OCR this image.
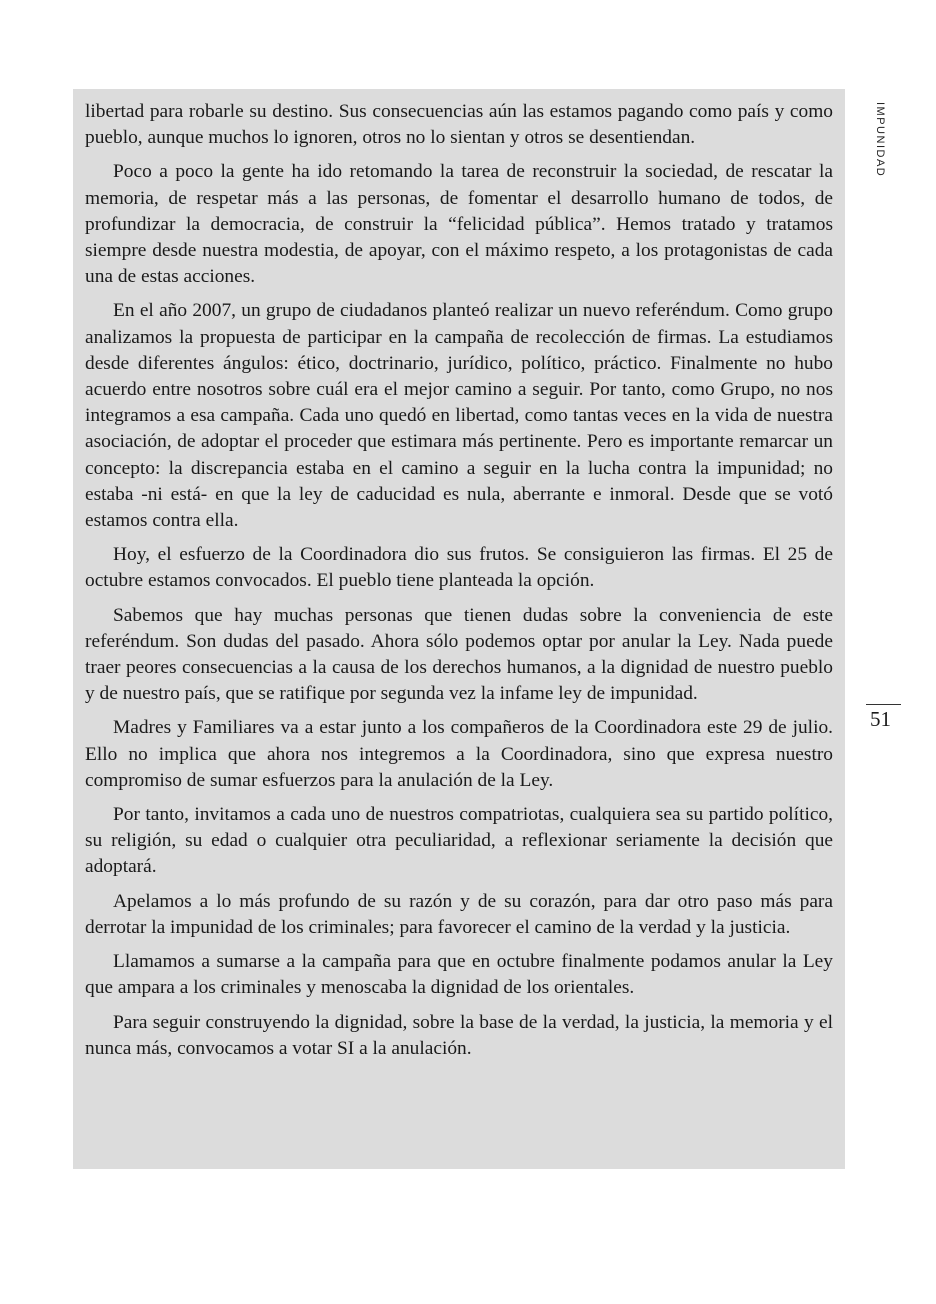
libertad para robarle su destino. Sus consecuencias aún las estamos pagando como país y como pueblo, aunque muchos lo ignoren, otros no lo sientan y otros se desentiendan.

Poco a poco la gente ha ido retomando la tarea de reconstruir la sociedad, de rescatar la memoria, de respetar más a las personas, de fomentar el desarrollo humano de todos, de profundizar la democracia, de construir la “felicidad pública”. Hemos tratado y tratamos siempre desde nuestra modestia, de apoyar, con el máximo respeto, a los protagonistas de cada una de estas acciones.

En el año 2007, un grupo de ciudadanos planteó realizar un nuevo referéndum. Como grupo analizamos la propuesta de participar en la campaña de recolección de firmas. La estudiamos desde diferentes ángulos: ético, doctrinario, jurídico, político, práctico. Finalmente no hubo acuerdo entre nosotros sobre cuál era el mejor camino a seguir. Por tanto, como Grupo, no nos integramos a esa campaña. Cada uno quedó en libertad, como tantas veces en la vida de nuestra asociación, de adoptar el proceder que estimara más pertinente. Pero es importante remarcar un concepto: la discrepancia estaba en el camino a seguir en la lucha contra la impunidad; no estaba -ni está- en que la ley de caducidad es nula, aberrante e inmoral. Desde que se votó estamos contra ella.

Hoy, el esfuerzo de la Coordinadora dio sus frutos. Se consiguieron las firmas. El 25 de octubre estamos convocados. El pueblo tiene planteada la opción.

Sabemos que hay muchas personas que tienen dudas sobre la conveniencia de este referéndum. Son dudas del pasado. Ahora sólo podemos optar por anular la Ley. Nada puede traer peores consecuencias a la causa de los derechos humanos, a la dignidad de nuestro pueblo y de nuestro país, que se ratifique por segunda vez la infame ley de impunidad.

Madres y Familiares va a estar junto a los compañeros de la Coordinadora este 29 de julio. Ello no implica que ahora nos integremos a la Coordinadora, sino que expresa nuestro compromiso de sumar esfuerzos para la anulación de la Ley.

Por tanto, invitamos a cada uno de nuestros compatriotas, cualquiera sea su partido político, su religión, su edad o cualquier otra peculiaridad, a reflexionar seriamente la decisión que adoptará.

Apelamos a lo más profundo de su razón y de su corazón, para dar otro paso más para derrotar la impunidad de los criminales; para favorecer el camino de la verdad y la justicia.

Llamamos a sumarse a la campaña para que en octubre finalmente podamos anular la Ley que ampara a los criminales y menoscaba la dignidad de los orientales.

Para seguir construyendo la dignidad, sobre la base de la verdad, la justicia, la memoria y el nunca más, convocamos a votar SI a la anulación.

IMPUNIDAD
51
